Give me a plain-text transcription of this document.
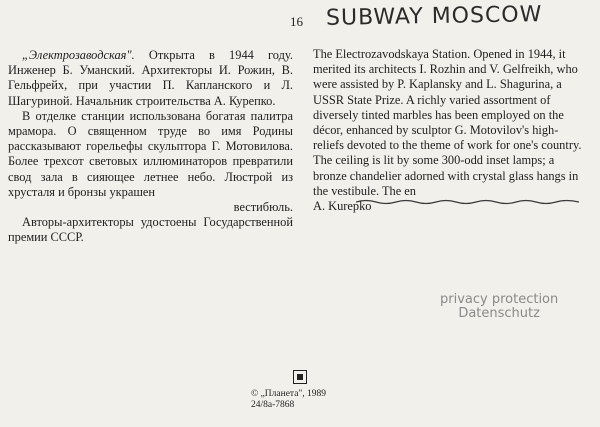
16 SUBWAY MOSCOW

„Электрозаводская". Открыта в 1944 году. Инженер Б. Уманский. Архитекторы И. Рожин, В. Гельфрейх, при участии П. Капланского и Л. Шагуриной. Начальник строительства А. Курепко.

В отделке станции использована богатая палитра мрамора. О священном труде во имя Родины рассказывают горельефы скульптора Г. Мотовилова. Более трехсот световых иллюминаторов превратили свод зала в сияющее летнее небо. Люстрой из хрусталя и бронзы украшен
вестибюль.

Авторы-архитекторы удостоены Государственной премии СССР.

The Electrozavodskaya Station. Opened in 1944, it merited its architects I. Rozhin and V. Gelfreikh, who were assisted by P. Kaplansky and L. Shagurina, a USSR State Prize. A richly varied assortment of diversely tinted marbles has been employed on the décor, enhanced by sculptor G. Motovilov's high-reliefs devoted to the theme of work for one's country. The ceiling is lit by some 300-odd inset lamps; a bronze chandelier adorned with crystal glass hangs in the vestibule. The en

A. Kurepko

privacy protection
Datenschutz
© „Планета", 1989
24/8а-7868
